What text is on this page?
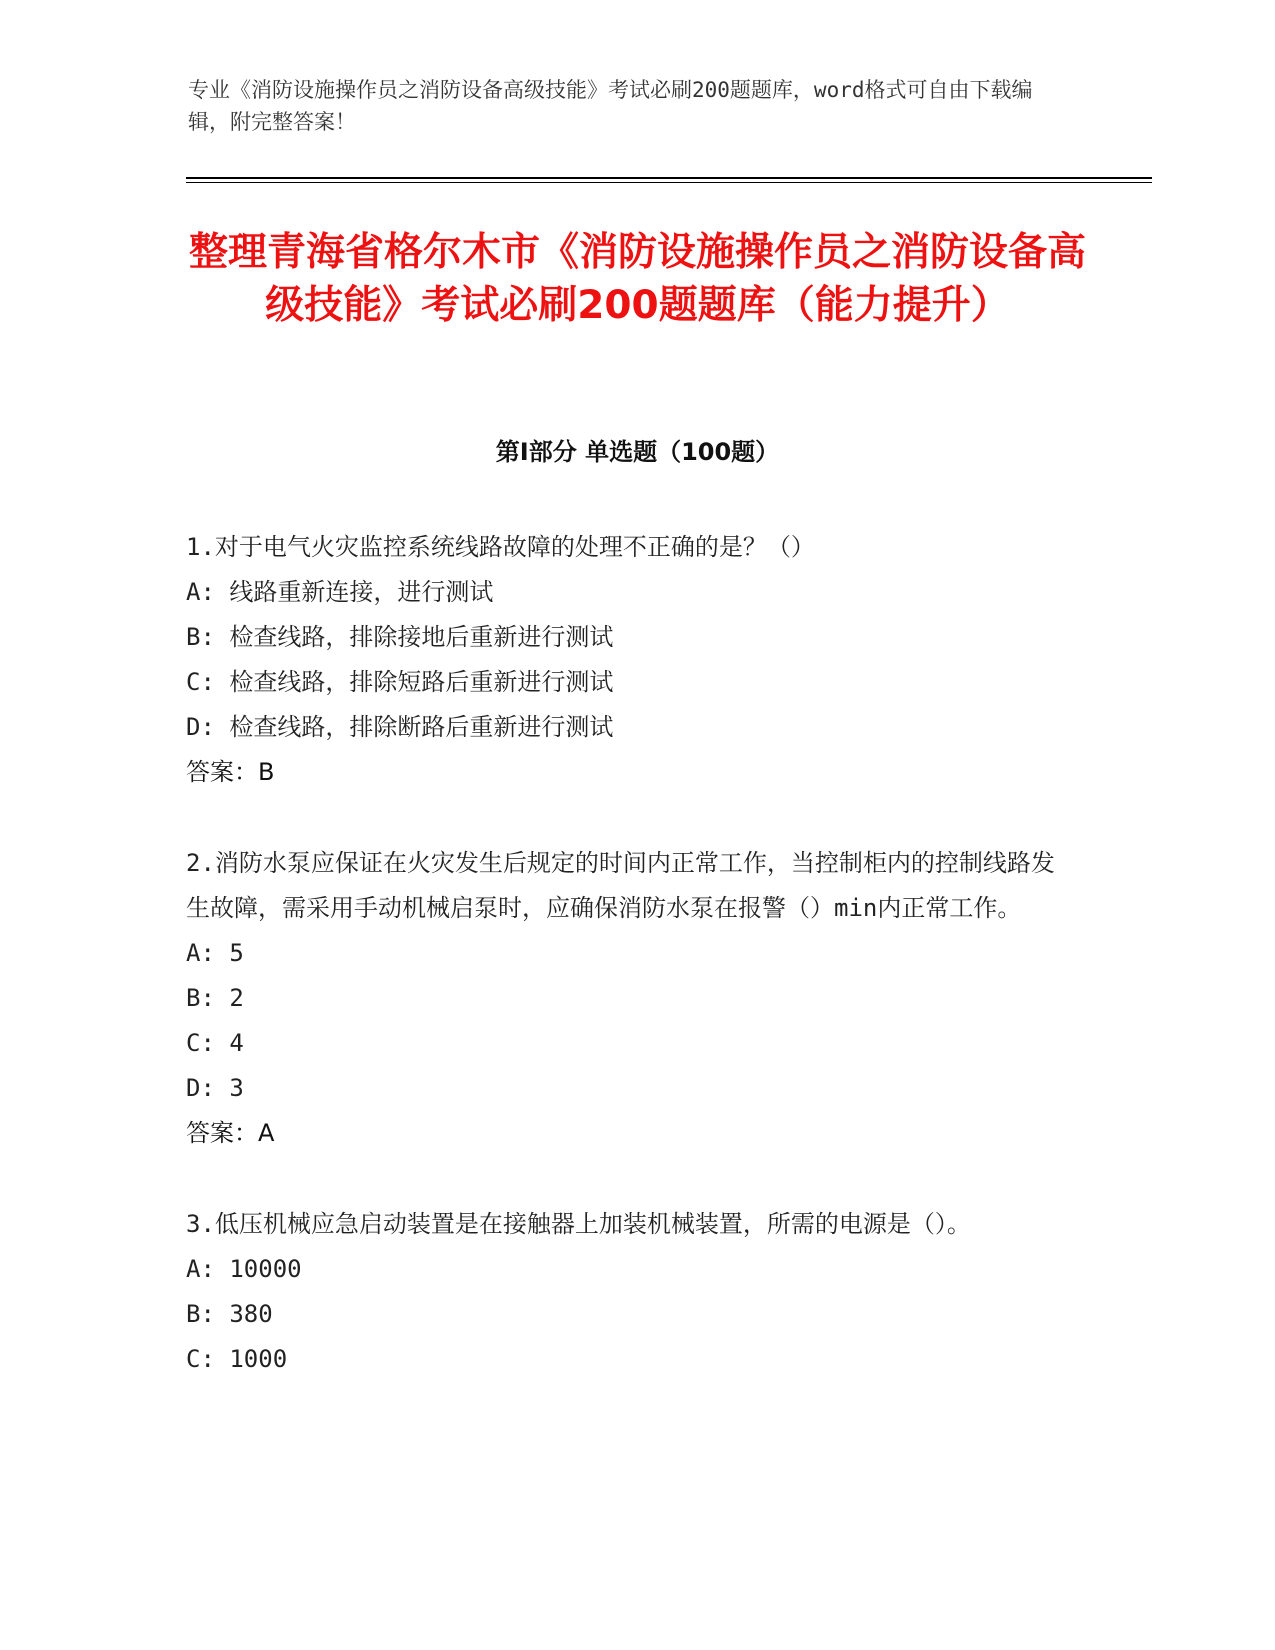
专业《消防设施操作员之消防设备高级技能》考试必刷200题题库，word格式可自由下载编辑，附完整答案！

整理青海省格尔木市《消防设施操作员之消防设备高级技能》考试必刷200题题库（能力提升）
第I部分 单选题（100题）

1.对于电气火灾监控系统线路故障的处理不正确的是？（）

A: 线路重新连接，进行测试

B: 检查线路，排除接地后重新进行测试

C: 检查线路，排除短路后重新进行测试

D: 检查线路，排除断路后重新进行测试

答案：B

2.消防水泵应保证在火灾发生后规定的时间内正常工作，当控制柜内的控制线路发生故障，需采用手动机械启泵时，应确保消防水泵在报警（）min内正常工作。

A: 5

B: 2

C: 4

D: 3

答案：A

3.低压机械应急启动装置是在接触器上加装机械装置，所需的电源是（）。

A: 10000

B: 380

C: 1000
